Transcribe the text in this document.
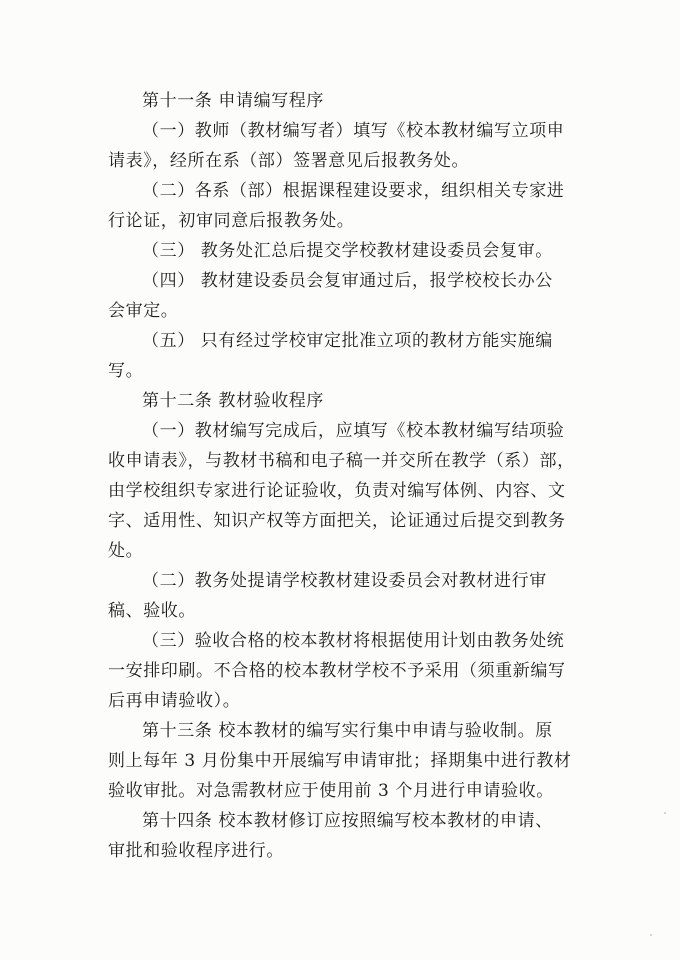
第十一条 申请编写程序

（一）教师（教材编写者）填写《校本教材编写立项申
请表》，经所在系（部）签署意见后报教务处。

（二）各系（部）根据课程建设要求，组织相关专家进
行论证，初审同意后报教务处。

（三） 教务处汇总后提交学校教材建设委员会复审。

（四） 教材建设委员会复审通过后，报学校校长办公
会审定。

（五） 只有经过学校审定批准立项的教材方能实施编
写。

第十二条 教材验收程序

（一）教材编写完成后，应填写《校本教材编写结项验
收申请表》，与教材书稿和电子稿一并交所在教学（系）部，
由学校组织专家进行论证验收，负责对编写体例、内容、文
字、适用性、知识产权等方面把关，论证通过后提交到教务
处。

（二）教务处提请学校教材建设委员会对教材进行审
稿、验收。

（三）验收合格的校本教材将根据使用计划由教务处统
一安排印刷。不合格的校本教材学校不予采用（须重新编写
后再申请验收）。

第十三条 校本教材的编写实行集中申请与验收制。原
则上每年 3 月份集中开展编写申请审批；择期集中进行教材
验收审批。对急需教材应于使用前 3 个月进行申请验收。

第十四条 校本教材修订应按照编写校本教材的申请、
审批和验收程序进行。
